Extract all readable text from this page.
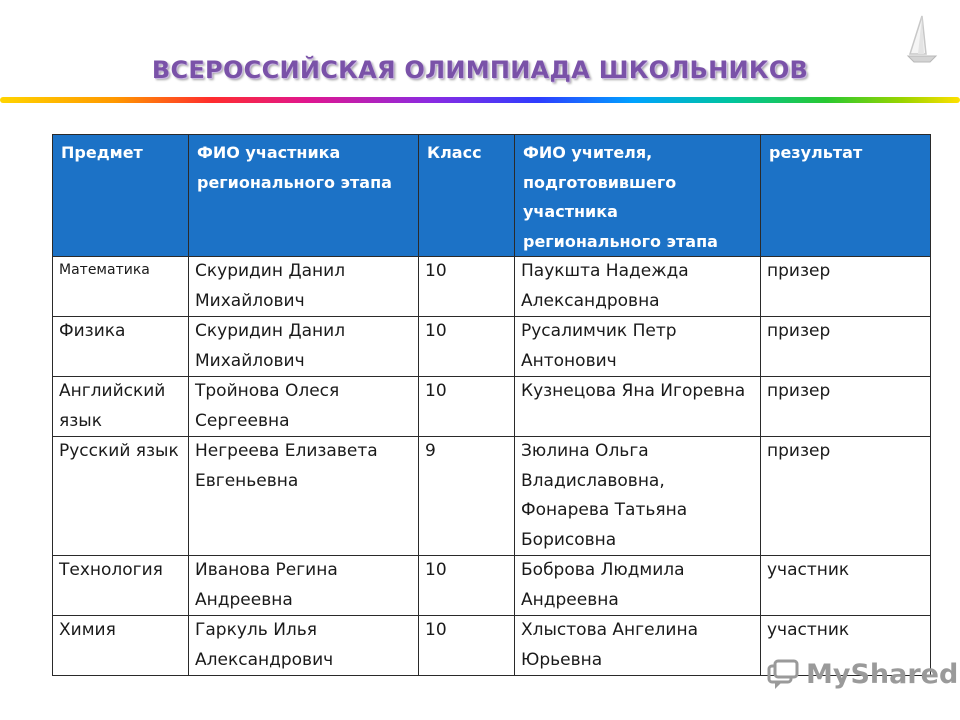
ВСЕРОССИЙСКАЯ ОЛИМПИАДА ШКОЛЬНИКОВ
Предмет	ФИО участника регионального этапа	Класс	ФИО учителя, подготовившего участника регионального этапа	результат
Математика	Скуридин Данил Михайлович	10	Паукшта Надежда Александровна	призер
Физика	Скуридин Данил Михайлович	10	Русалимчик Петр Антонович	призер
Английский язык	Тройнова Олеся Сергеевна	10	Кузнецова Яна Игоревна	призер
Русский язык	Негреева Елизавета Евгеньевна	9	Зюлина Ольга Владиславовна, Фонарева Татьяна Борисовна	призер
Технология	Иванова Регина Андреевна	10	Боброва Людмила Андреевна	участник
Химия	Гаркуль Илья Александрович	10	Хлыстова Ангелина Юрьевна	участник
MyShared
